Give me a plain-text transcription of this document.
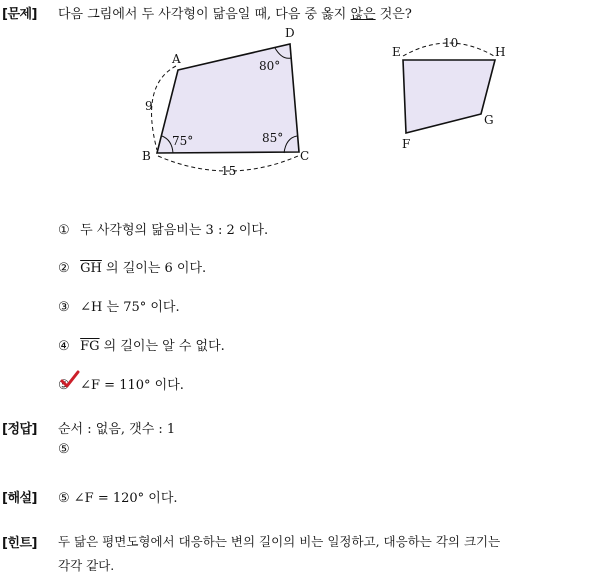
[문제] 다음 그림에서 두 사각형이 닮음일 때, 다음 중 옳지 않은 것은?
A
D
C
B
9
15
80°
75°	85°
E	H
G
F
10
① 두 사각형의 닮음비는 3 : 2 이다.
② $\overline{GH}$ 의 길이는 6 이다.
③ ∠H 는 75° 이다.
④ $\overline{FG}$ 의 길이는 알 수 없다.
⑤ ∠F = 110° 이다.
[정답] 순서 : 없음, 갯수 : 1
⑤
[해설] ⑤ ∠F = 120° 이다.
[힌트] 두 닮은 평면도형에서 대응하는 변의 길이의 비는 일정하고, 대응하는 각의 크기는
각각 같다.
